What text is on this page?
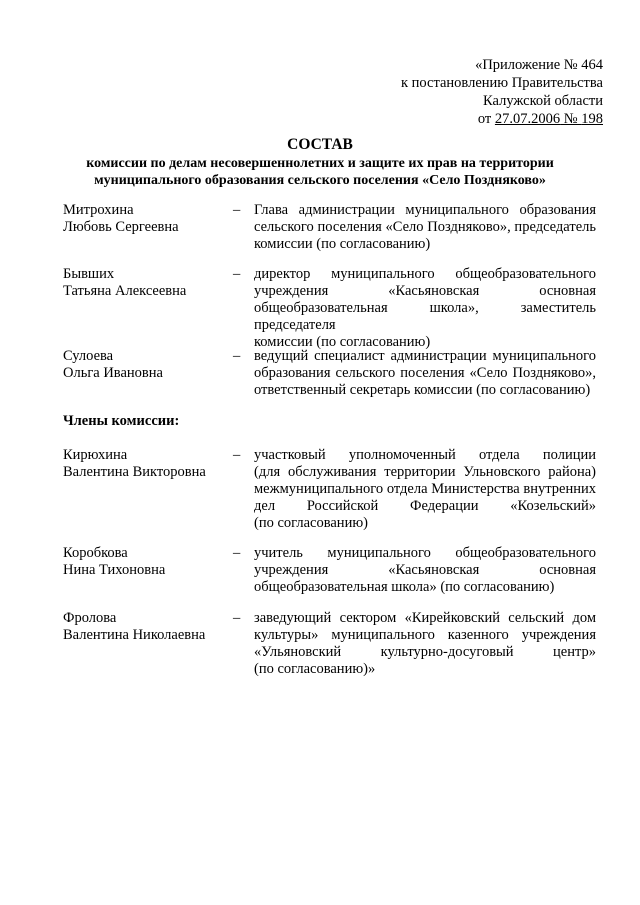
«Приложение № 464
к постановлению Правительства
Калужской области
от 27.07.2006 № 198
СОСТАВ
комиссии по делам несовершеннолетних и защите их прав на территории
муниципального образования сельского поселения «Село Поздняково»
Митрохина
Любовь Сергеевна
– Глава администрации муниципального образования
сельского поселения «Село Поздняково», председатель
комиссии (по согласованию)
Бывших
Татьяна Алексеевна
– директор муниципального общеобразовательного
учреждения «Касьяновская основная
общеобразовательная школа», заместитель председателя
комиссии (по согласованию)
Сулоева
Ольга Ивановна
– ведущий специалист администрации муниципального
образования сельского поселения «Село Поздняково»,
ответственный секретарь комиссии (по согласованию)
Члены комиссии:
Кирюхина
Валентина Викторовна
– участковый уполномоченный отдела полиции
(для обслуживания территории Ульновского района)
межмуниципального отдела Министерства внутренних
дел Российской Федерации «Козельский»
(по согласованию)
Коробкова
Нина Тихоновна
– учитель муниципального общеобразовательного
учреждения «Касьяновская основная
общеобразовательная школа» (по согласованию)
Фролова
Валентина Николаевна
– заведующий сектором «Кирейковский сельский дом
культуры» муниципального казенного учреждения
«Ульяновский культурно-досуговый центр»
(по согласованию)»
